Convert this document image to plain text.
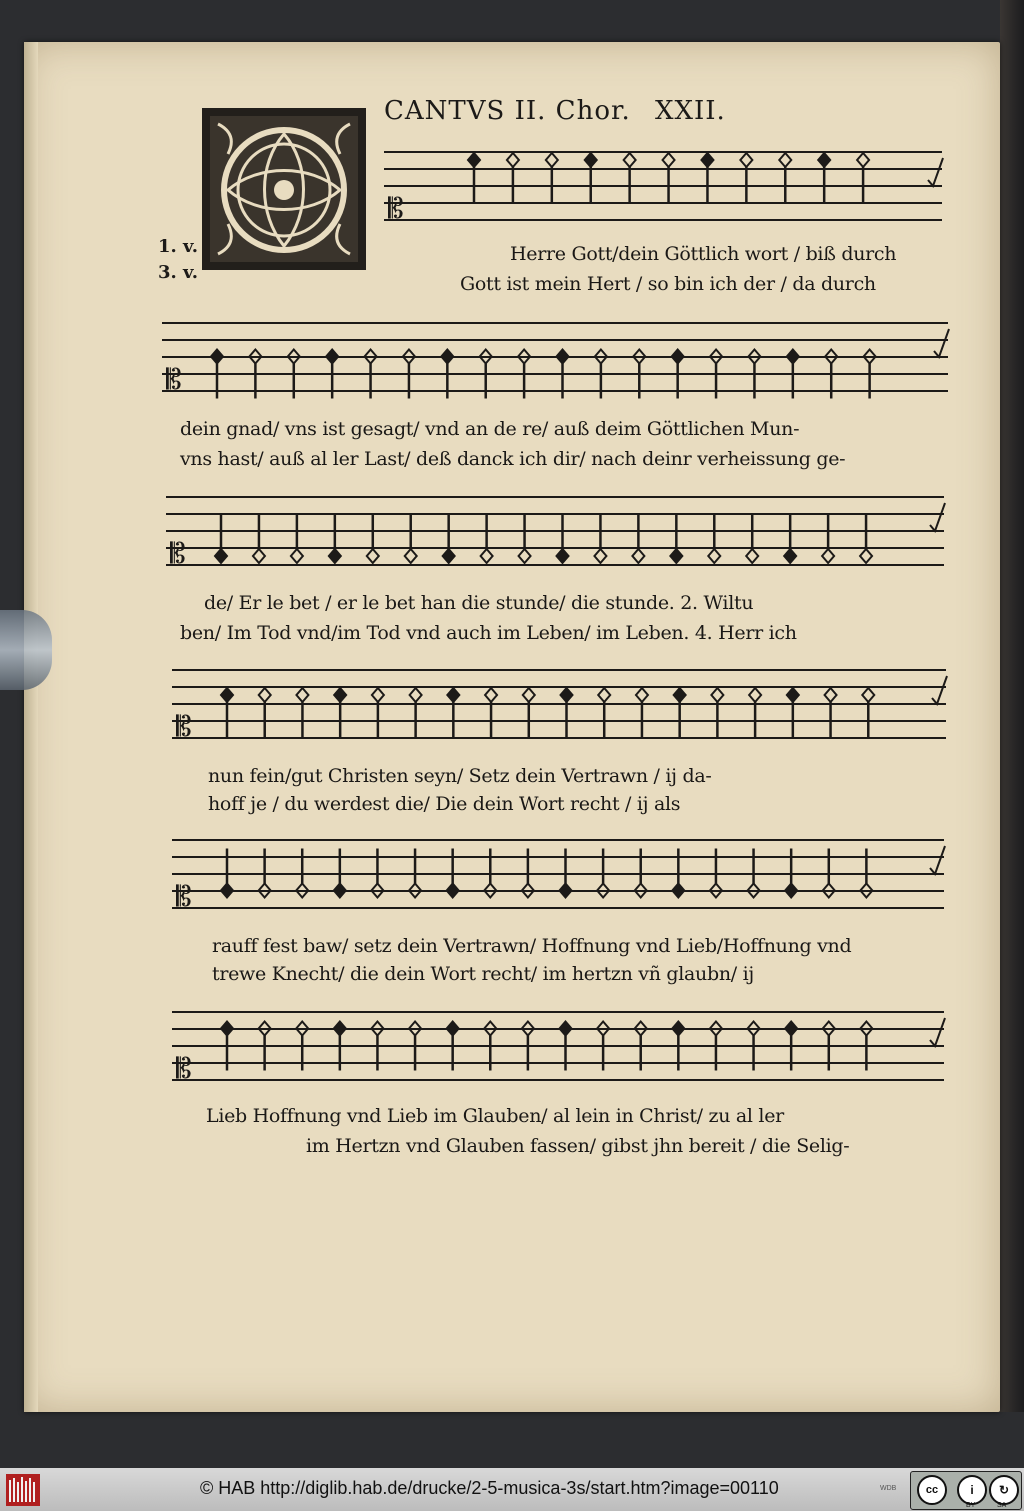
CANTVS II. Chor. XXII.
1. v.
3. v.
Herre Gott/dein Göttlich wort / biß durch
Gott ist mein Hert / so bin ich der / da durch
dein gnad/ vns ist gesagt/ vnd an de re/ auß deim Göttlichen Mun-
vns hast/ auß al ler Last/ deß danck ich dir/ nach deinr verheissung ge-
de/ Er le bet / er le bet han die stunde/ die stunde. 2. Wiltu
ben/ Im Tod vnd/im Tod vnd auch im Leben/ im Leben. 4. Herr ich
nun fein/gut Christen seyn/ Setz dein Vertrawn / ij da-
hoff je / du werdest die/ Die dein Wort recht / ij als
rauff fest baw/ setz dein Vertrawn/ Hoffnung vnd Lieb/Hoffnung vnd
trewe Knecht/ die dein Wort recht/ im hertzn vñ glaubn/ ij
Lieb Hoffnung vnd Lieb im Glauben/ al lein in Christ/ zu al ler
im Hertzn vnd Glauben fassen/ gibst jhn bereit / die Selig-
𝄡
𝄡
𝄡
𝄡
𝄡
𝄡
© HAB http://diglib.hab.de/drucke/2-5-musica-3s/start.htm?image=00110	WDB	cc	i	↻
BY	SA
